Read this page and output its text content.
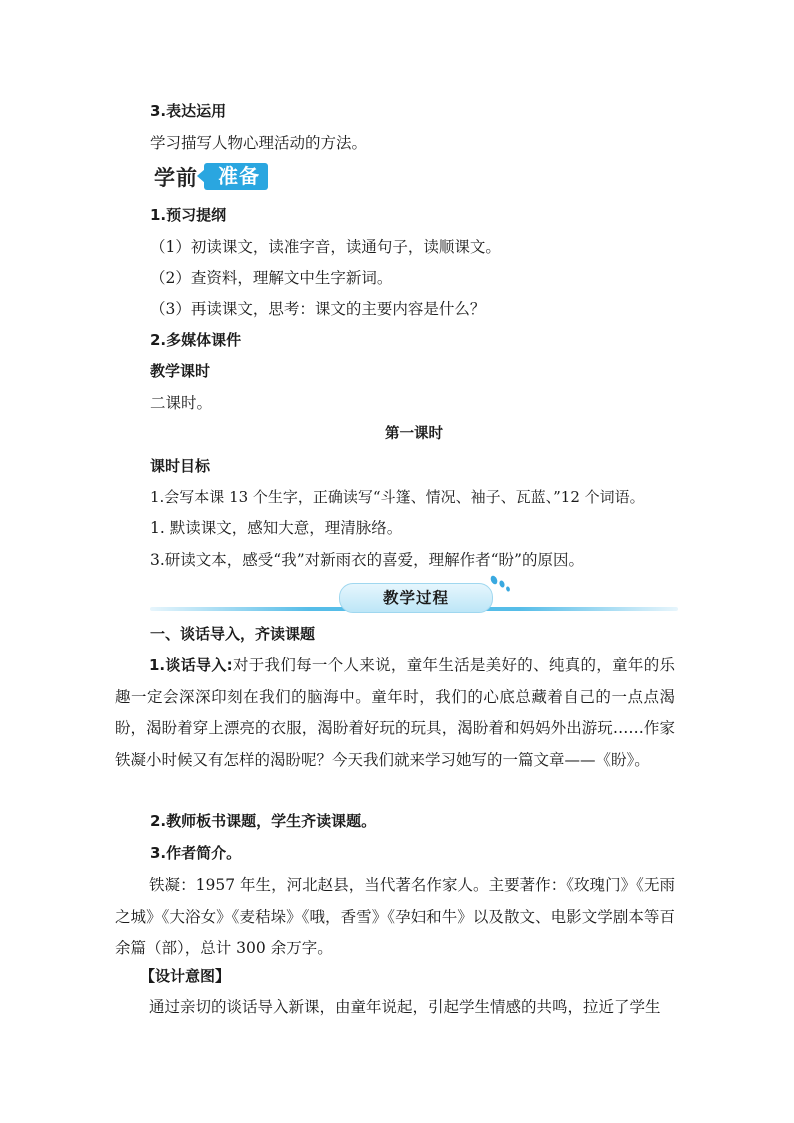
3.表达运用
学习描写人物心理活动的方法。
学前	准备
1.预习提纲
（1）初读课文，读准字音，读通句子，读顺课文。
（2）查资料，理解文中生字新词。
（3）再读课文，思考：课文的主要内容是什么？
2.多媒体课件
教学课时
二课时。
第一课时
课时目标
1.会写本课 13 个生字，正确读写“斗篷、情况、袖子、瓦蓝、”12 个词语。
1. 默读课文，感知大意，理清脉络。
3.研读文本，感受“我”对新雨衣的喜爱，理解作者“盼”的原因。
教学过程
一、谈话导入，齐读课题
1.谈话导入:对于我们每一个人来说，童年生活是美好的、纯真的，童年的乐趣一定会深深印刻在我们的脑海中。童年时，我们的心底总藏着自己的一点点渴盼，渴盼着穿上漂亮的衣服，渴盼着好玩的玩具，渴盼着和妈妈外出游玩……作家铁凝小时候又有怎样的渴盼呢？今天我们就来学习她写的一篇文章——《盼》。
2.教师板书课题，学生齐读课题。
3.作者简介。
铁凝：1957 年生，河北赵县，当代著名作家人。主要著作：《玫瑰门》《无雨之城》《大浴女》《麦秸垛》《哦，香雪》《孕妇和牛》以及散文、电影文学剧本等百余篇（部），总计 300 余万字。
【设计意图】
通过亲切的谈话导入新课，由童年说起，引起学生情感的共鸣，拉近了学生
